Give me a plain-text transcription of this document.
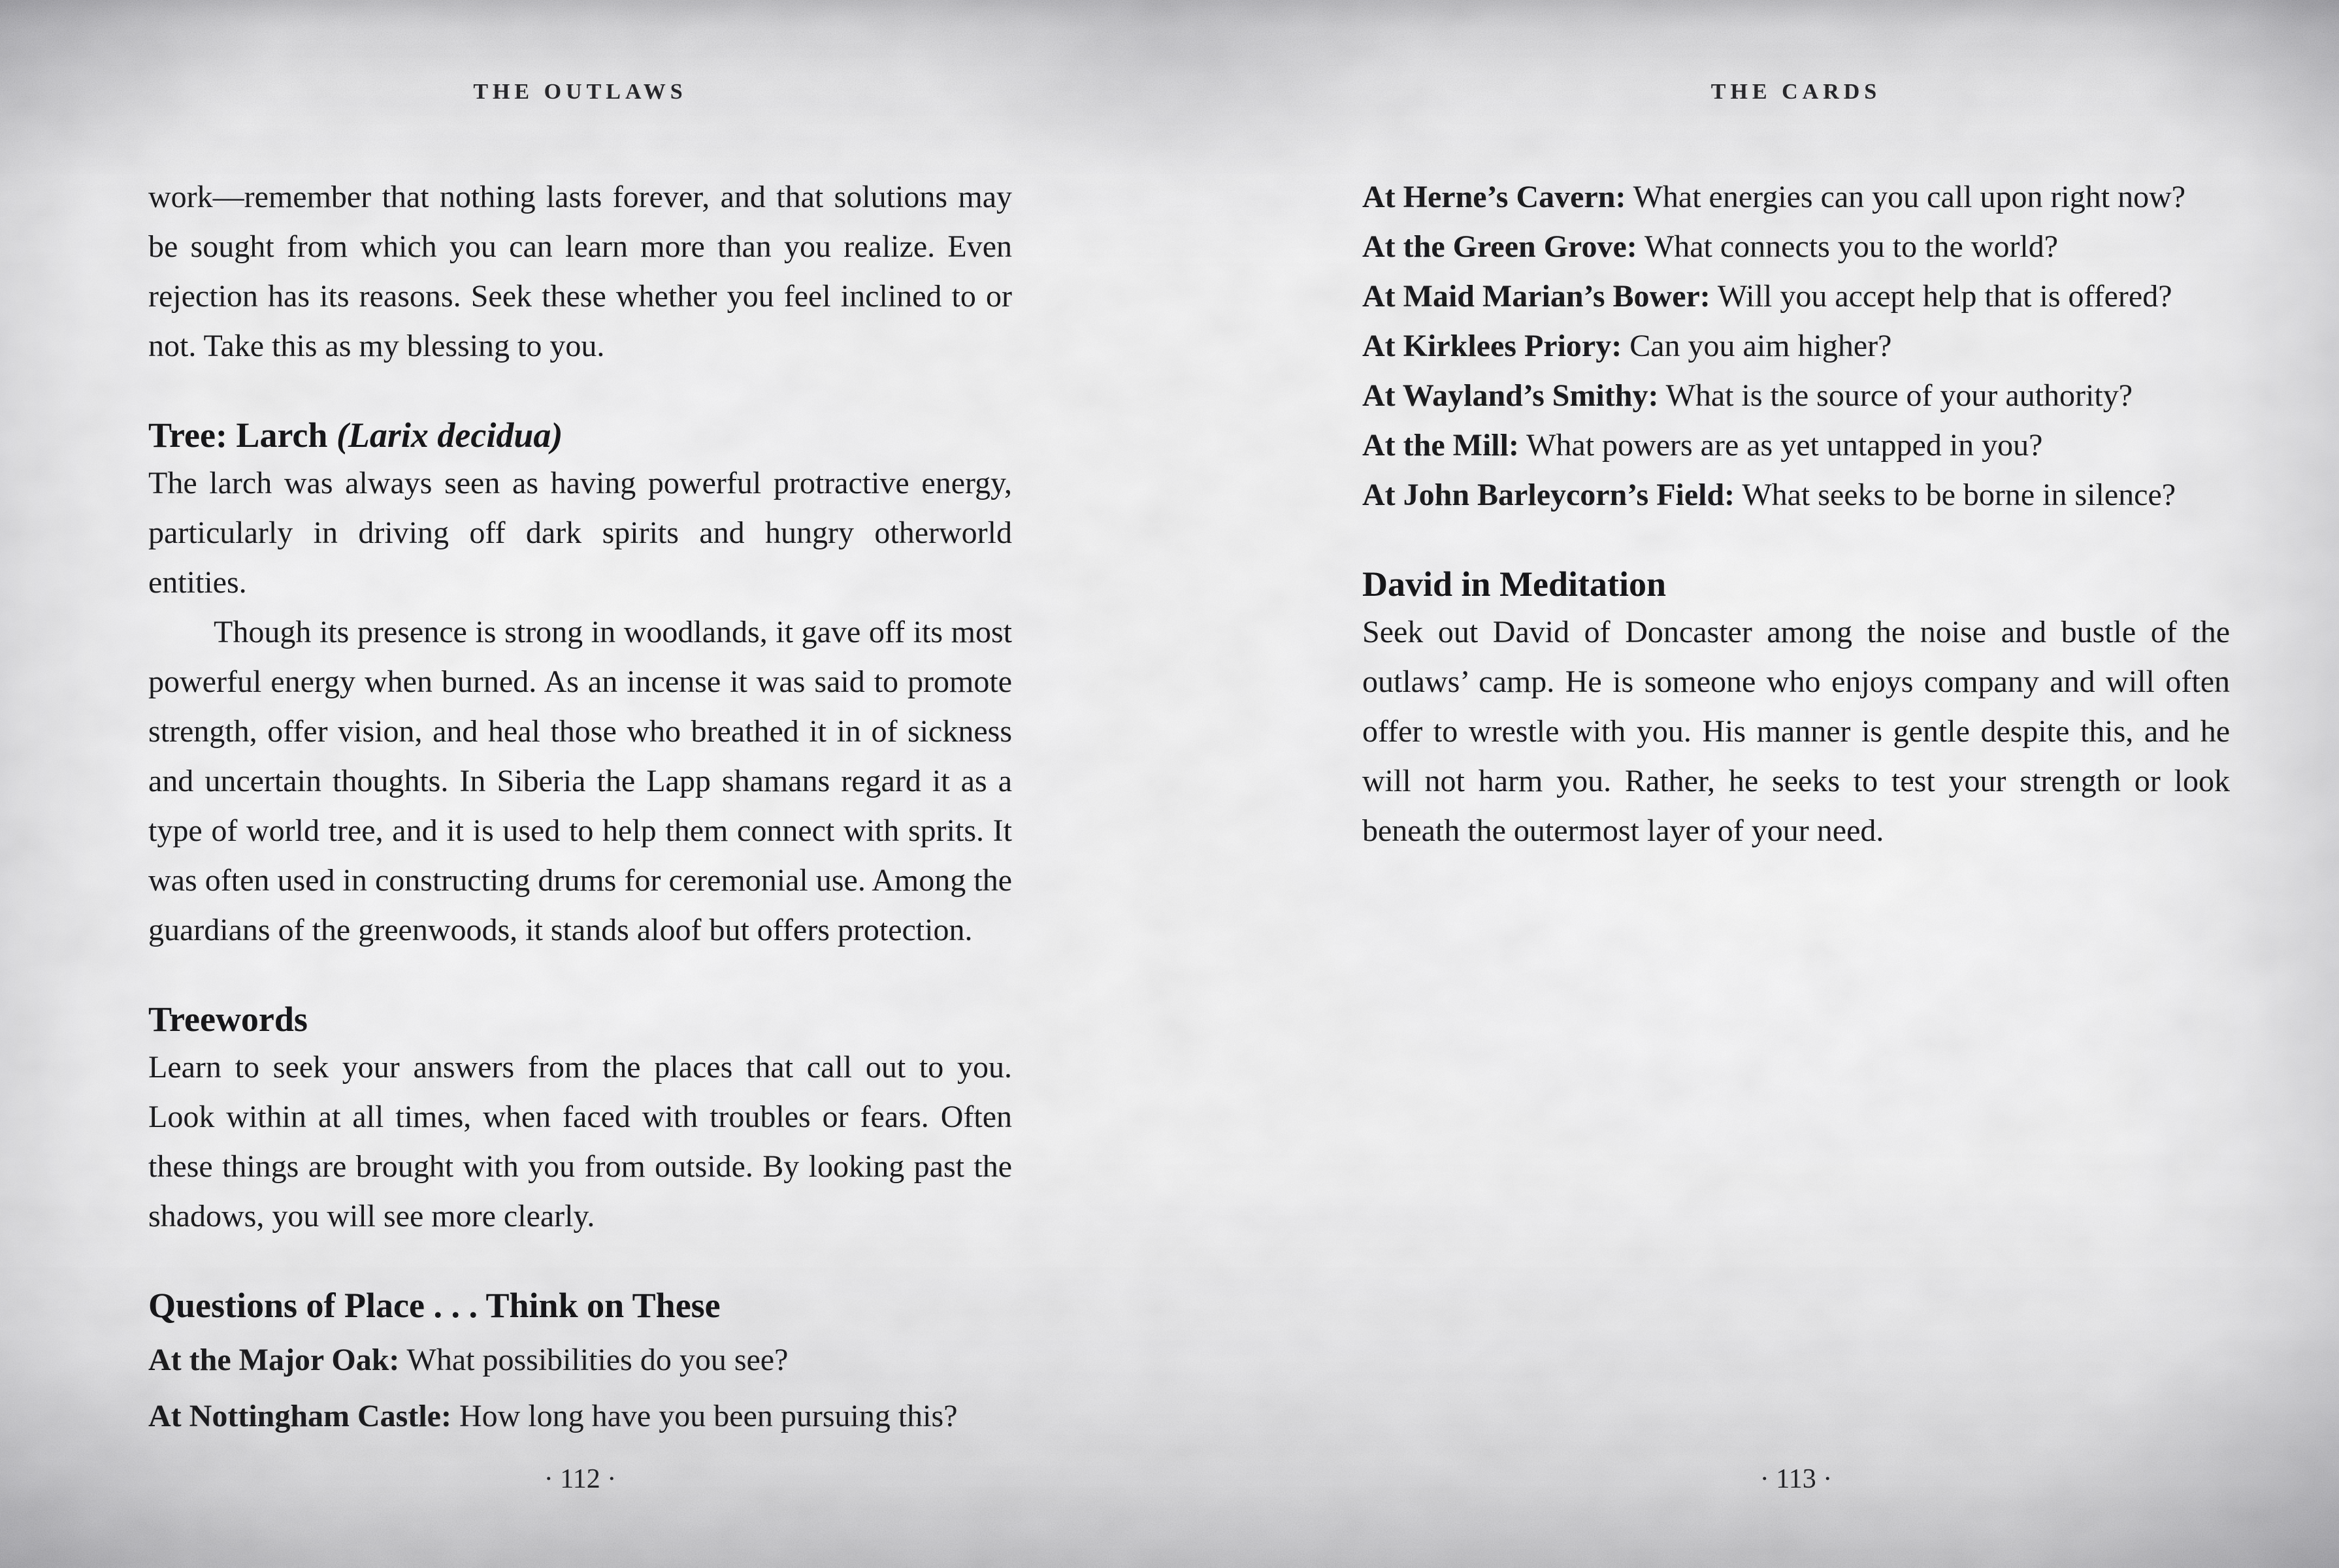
THE OUTLAWS

work—remember that nothing lasts forever, and that solutions may be sought from which you can learn more than you realize. Even rejection has its reasons. Seek these whether you feel inclined to or not. Take this as my blessing to you.

Tree: Larch (Larix decidua)

The larch was always seen as having powerful protractive energy, particularly in driving off dark spirits and hungry otherworld entities.

Though its presence is strong in woodlands, it gave off its most powerful energy when burned. As an incense it was said to promote strength, offer vision, and heal those who breathed it in of sickness and uncertain thoughts. In Siberia the Lapp shamans regard it as a type of world tree, and it is used to help them connect with sprits. It was often used in constructing drums for ceremonial use. Among the guardians of the greenwoods, it stands aloof but offers protection.

Treewords

Learn to seek your answers from the places that call out to you. Look within at all times, when faced with troubles or fears. Often these things are brought with you from outside. By looking past the shadows, you will see more clearly.

Questions of Place . . . Think on These

At the Major Oak: What possibilities do you see?

At Nottingham Castle: How long have you been pursuing this?

· 112 ·
THE CARDS

At Herne’s Cavern: What energies can you call upon right now?

At the Green Grove: What connects you to the world?

At Maid Marian’s Bower: Will you accept help that is offered?

At Kirklees Priory: Can you aim higher?

At Wayland’s Smithy: What is the source of your authority?

At the Mill: What powers are as yet untapped in you?

At John Barleycorn’s Field: What seeks to be borne in silence?

David in Meditation

Seek out David of Doncaster among the noise and bustle of the outlaws’ camp. He is someone who enjoys company and will often offer to wrestle with you. His manner is gentle despite this, and he will not harm you. Rather, he seeks to test your strength or look beneath the outermost layer of your need.

· 113 ·
